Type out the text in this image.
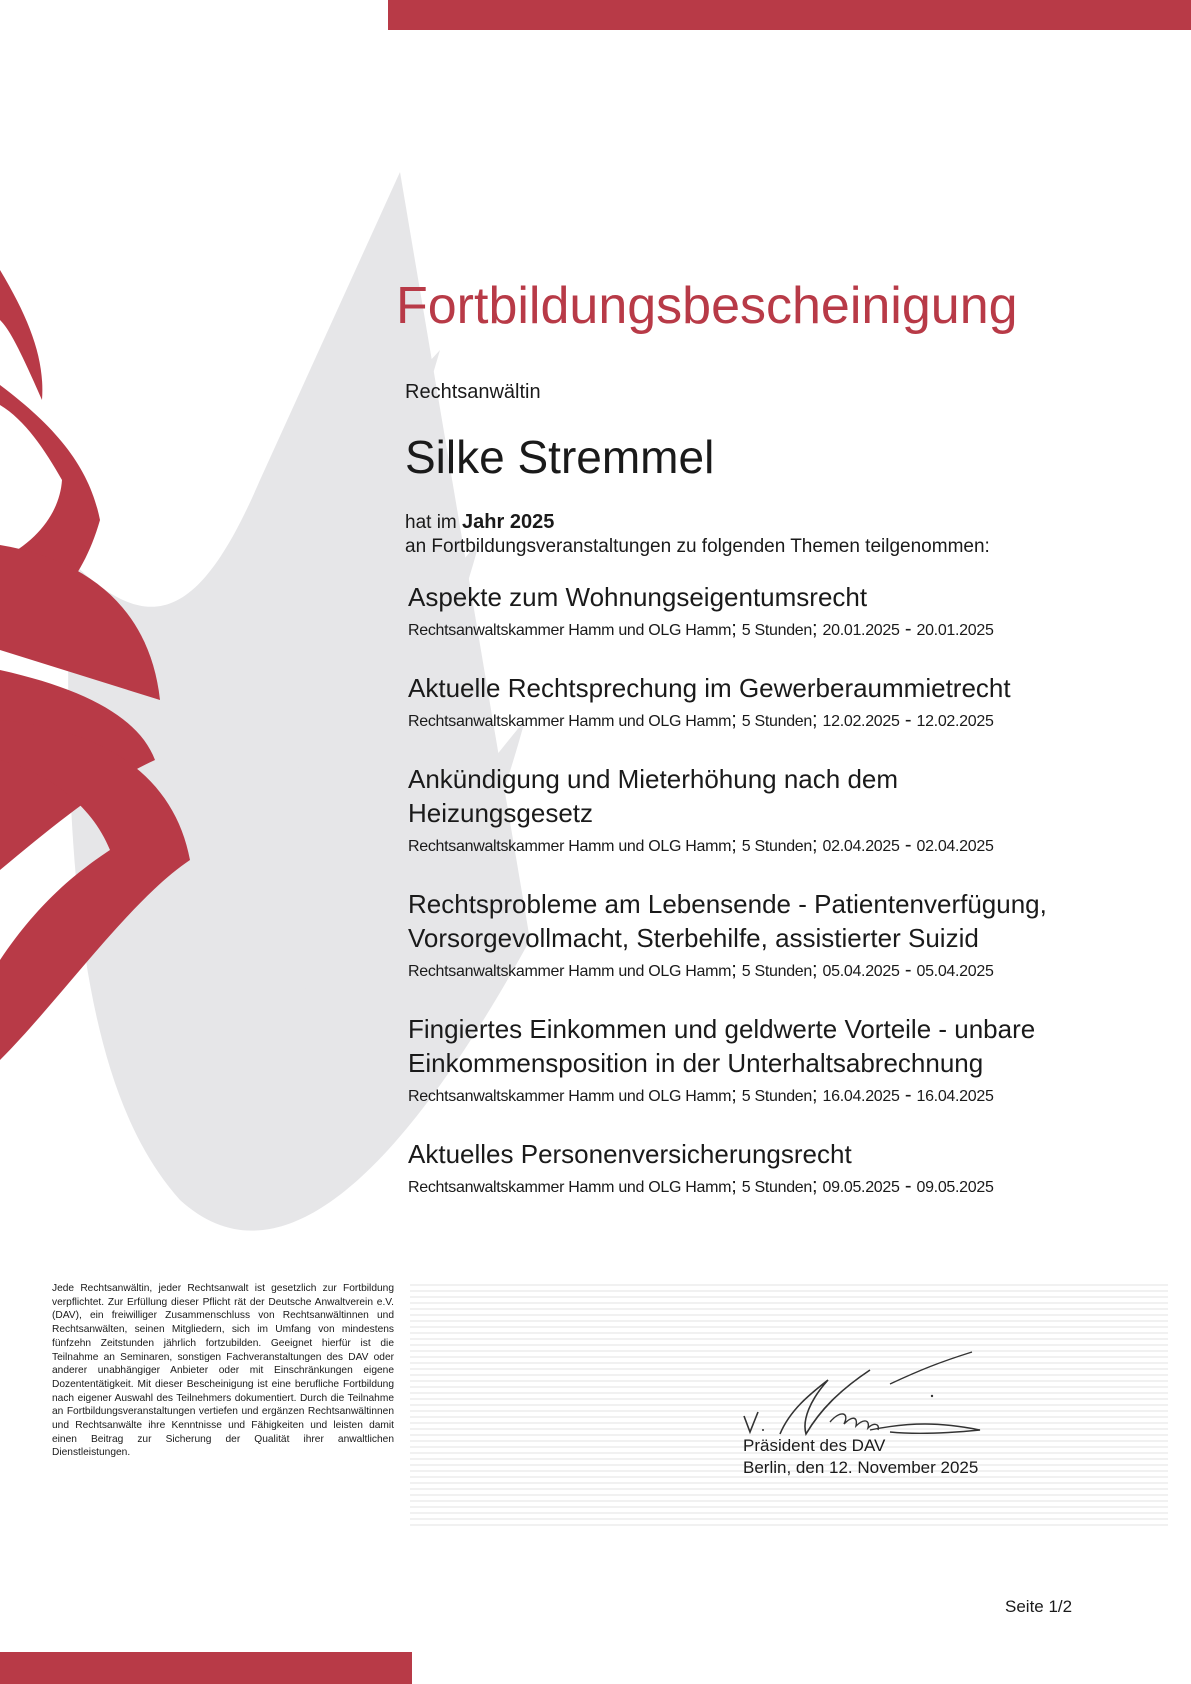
Fortbildungsbescheinigung
Rechtsanwältin
Silke Stremmel
hat im Jahr 2025
an Fortbildungsveranstaltungen zu folgenden Themen teilgenommen:
Aspekte zum Wohnungseigentumsrecht
Rechtsanwaltskammer Hamm und OLG Hamm; 5 Stunden; 20.01.2025 - 20.01.2025
Aktuelle Rechtsprechung im Gewerberaummietrecht
Rechtsanwaltskammer Hamm und OLG Hamm; 5 Stunden; 12.02.2025 - 12.02.2025
Ankündigung und Mieterhöhung nach dem Heizungsgesetz
Rechtsanwaltskammer Hamm und OLG Hamm; 5 Stunden; 02.04.2025 - 02.04.2025
Rechtsprobleme am Lebensende - Patientenverfügung, Vorsorgevollmacht, Sterbehilfe, assistierter Suizid
Rechtsanwaltskammer Hamm und OLG Hamm; 5 Stunden; 05.04.2025 - 05.04.2025
Fingiertes Einkommen und geldwerte Vorteile - unbare Einkommensposition in der Unterhaltsabrechnung
Rechtsanwaltskammer Hamm und OLG Hamm; 5 Stunden; 16.04.2025 - 16.04.2025
Aktuelles Personenversicherungsrecht
Rechtsanwaltskammer Hamm und OLG Hamm; 5 Stunden; 09.05.2025 - 09.05.2025
Jede Rechtsanwältin, jeder Rechtsanwalt ist gesetzlich zur Fortbildung verpflichtet. Zur Erfüllung dieser Pflicht rät der Deutsche Anwaltverein e.V. (DAV), ein freiwilliger Zusammenschluss von Rechtsanwältinnen und Rechtsanwälten, seinen Mitgliedern, sich im Umfang von mindestens fünfzehn Zeitstunden jährlich fortzubilden. Geeignet hierfür ist die Teilnahme an Seminaren, sonstigen Fachveranstaltungen des DAV oder anderer unabhängiger Anbieter oder mit Einschränkungen eigene Dozententätigkeit. Mit dieser Bescheinigung ist eine berufliche Fortbildung nach eigener Auswahl des Teilnehmers dokumentiert. Durch die Teilnahme an Fortbildungsveranstaltungen vertiefen und ergänzen Rechtsanwältinnen und Rechtsanwälte ihre Kenntnisse und Fähigkeiten und leisten damit einen Beitrag zur Sicherung der Qualität ihrer anwaltlichen Dienstleistungen.	Präsident des DAV
Berlin, den 12. November 2025
Seite 1/2
